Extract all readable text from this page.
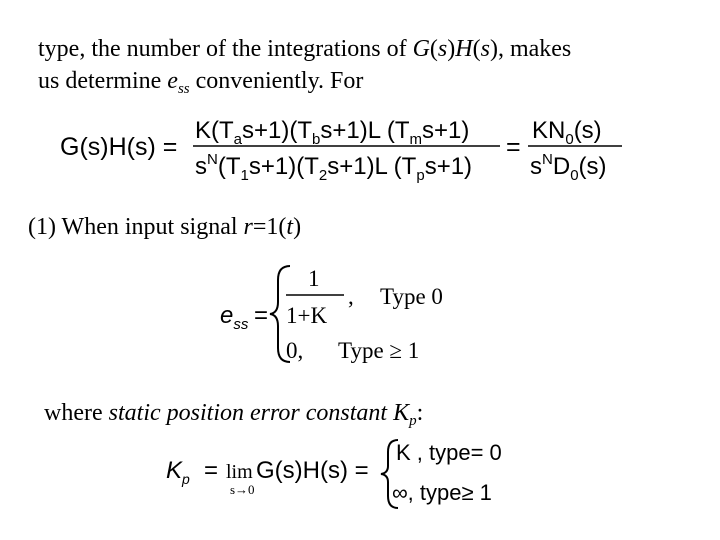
type, the number of the integrations of G(s)H(s), makes
us determine $e_{ss}$ conveniently. For
G(s)H(s) =
$K(T_as+1)(T_bs+1)L$ $(T_ms+1)$
$s^N(T_1s+1)(T_2s+1)L$ $(T_ps+1)$
=
$KN_0(s)$
$s^ND_0(s)$
(1) When input signal r=1(t)
$e_{ss}$ =
1
1+K
, Type 0
0, Type ≥ 1
where static position error constant $K_p$:
$K_p = \lim$
s→0
G(s)H(s) =
K , type= 0
∞, type≥ 1
